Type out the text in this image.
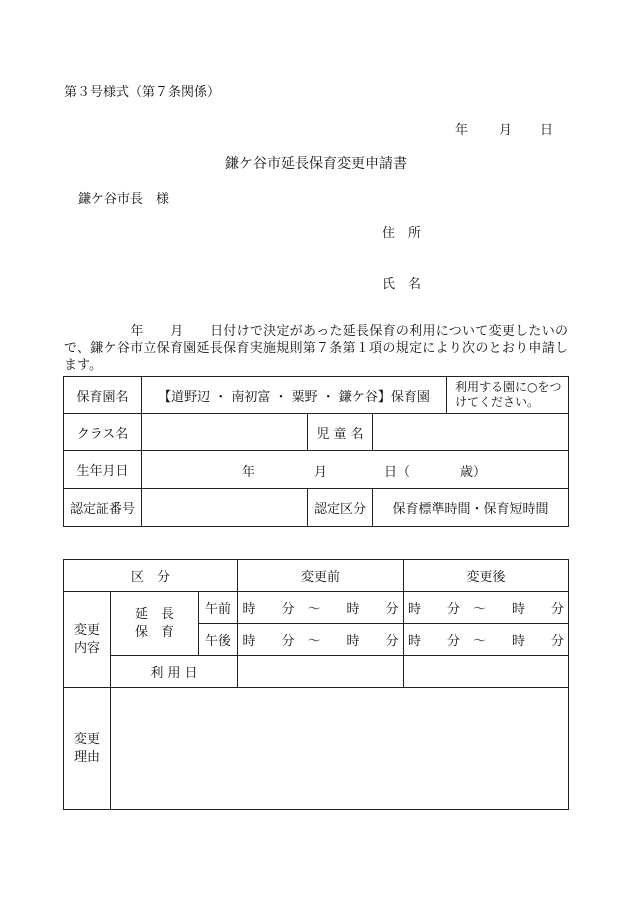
第３号様式（第７条関係）
年 月 日
鎌ケ谷市延長保育変更申請書
鎌ケ谷市長　様
住　所
氏　名
　　　　　年　　月　　日付けで決定があった延長保育の利用について変更したいので、鎌ケ谷市立保育園延長保育実施規則第７条第１項の規定により次のとおり申請します。
保育園名	【道野辺 ・ 南初富 ・ 粟野 ・ 鎌ケ谷】保育園			利用する園に○をつけてください。
クラス名		児 童 名		
生年月日	年 月 日（ 歳）			

認定証番号		認定区分	保育標準時間・保育短時間	
区　分			変更前	変更後
変更内容	延　長保　育	午前	時　　分　〜　　時　　分	時　　分　〜　　時　　分
		午後	時　　分　〜　　時　　分	時　　分　〜　　時　　分
	利 用 日			
変更理由				
